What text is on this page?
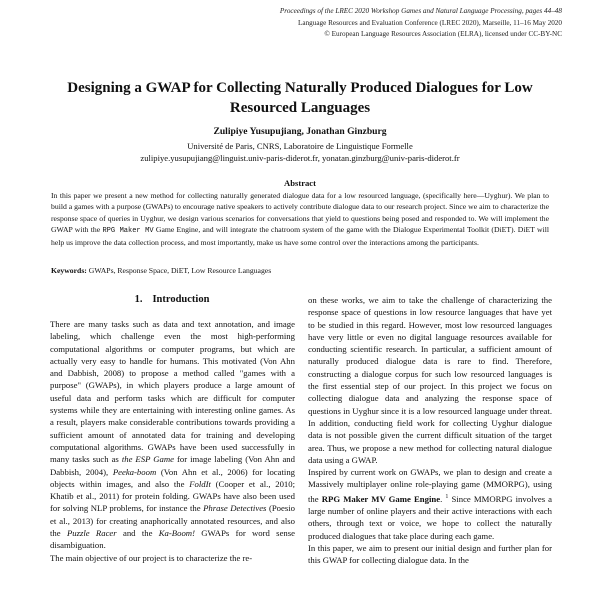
Proceedings of the LREC 2020 Workshop Games and Natural Language Processing, pages 44–48
Language Resources and Evaluation Conference (LREC 2020), Marseille, 11–16 May 2020
© European Language Resources Association (ELRA), licensed under CC-BY-NC
Designing a GWAP for Collecting Naturally Produced Dialogues for Low
Resourced Languages
Zulipiye Yusupujiang, Jonathan Ginzburg
Université de Paris, CNRS, Laboratoire de Linguistique Formelle
zulipiye.yusupujiang@linguist.univ-paris-diderot.fr, yonatan.ginzburg@univ-paris-diderot.fr
Abstract
In this paper we present a new method for collecting naturally generated dialogue data for a low resourced language, (specifically here—Uyghur). We plan to build a games with a purpose (GWAPs) to encourage native speakers to actively contribute dialogue data to our research project. Since we aim to characterize the response space of queries in Uyghur, we design various scenarios for conversations that yield to questions being posed and responded to. We will implement the GWAP with the RPG Maker MV Game Engine, and will integrate the chatroom system of the game with the Dialogue Experimental Toolkit (DiET). DiET will help us improve the data collection process, and most importantly, make us have some control over the interactions among the participants.
Keywords: GWAPs, Response Space, DiET, Low Resource Languages
1. Introduction

There are many tasks such as data and text annotation, and image labeling, which challenge even the most high-performing computational algorithms or computer programs, but which are actually very easy to handle for humans. This motivated (Von Ahn and Dabbish, 2008) to propose a method called "games with a purpose" (GWAPs), in which players produce a large amount of useful data and perform tasks which are difficult for computer systems while they are entertaining with interesting online games. As a result, players make considerable contributions towards providing a sufficient amount of annotated data for training and developing computational algorithms. GWAPs have been used successfully in many tasks such as the ESP Game for image labeling (Von Ahn and Dabbish, 2004), Peeka-boom (Von Ahn et al., 2006) for locating objects within images, and also the FoldIt (Cooper et al., 2010; Khatib et al., 2011) for protein folding. GWAPs have also been used for solving NLP problems, for instance the Phrase Detectives (Poesio et al., 2013) for creating anaphorically annotated resources, and also the Puzzle Racer and the Ka-Boom! GWAPs for word sense disambiguation.

The main objective of our project is to characterize the re-

on these works, we aim to take the challenge of characterizing the response space of questions in low resource languages that have yet to be studied in this regard. However, most low resourced languages have very little or even no digital language resources available for conducting scientific research. In particular, a sufficient amount of naturally produced dialogue data is rare to find. Therefore, constructing a dialogue corpus for such low resourced languages is the first essential step of our project. In this project we focus on collecting dialogue data and analyzing the response space of questions in Uyghur since it is a low resourced language under threat. In addition, conducting field work for collecting Uyghur dialogue data is not possible given the current difficult situation of the target area. Thus, we propose a new method for collecting natural dialogue data using a GWAP.

Inspired by current work on GWAPs, we plan to design and create a Massively multiplayer online role-playing game (MMORPG), using the RPG Maker MV Game Engine. $^1$ Since MMORPG involves a large number of online players and their active interactions with each others, through text or voice, we hope to collect the naturally produced dialogues that take place during each game.

In this paper, we aim to present our initial design and further plan for this GWAP for collecting dialogue data. In the
